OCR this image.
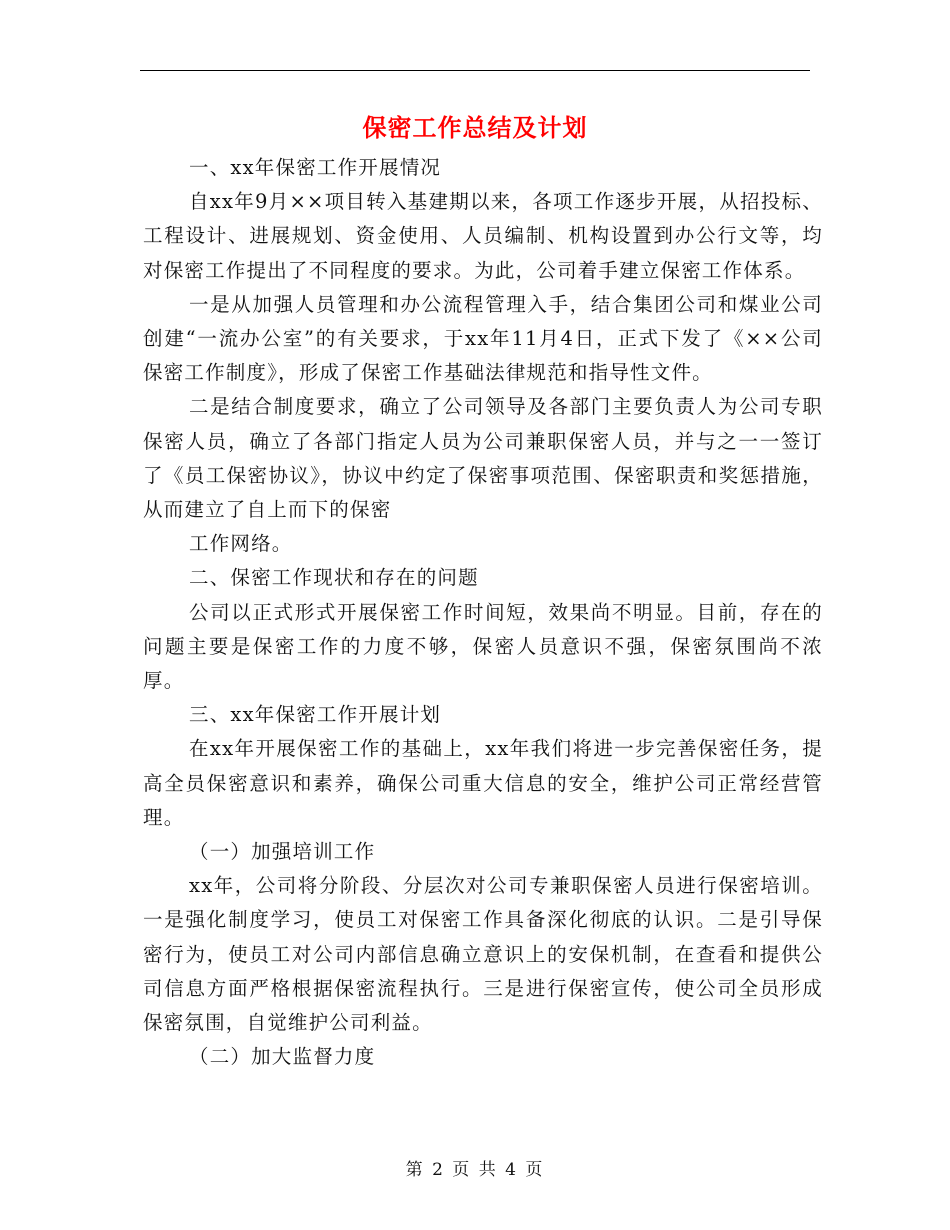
保密工作总结及计划

一、xx年保密工作开展情况

自xx年9月××项目转入基建期以来，各项工作逐步开展，从招投标、工程设计、进展规划、资金使用、人员编制、机构设置到办公行文等，均对保密工作提出了不同程度的要求。为此，公司着手建立保密工作体系。

一是从加强人员管理和办公流程管理入手，结合集团公司和煤业公司创建“一流办公室”的有关要求，于xx年11月4日，正式下发了《××公司保密工作制度》，形成了保密工作基础法律规范和指导性文件。

二是结合制度要求，确立了公司领导及各部门主要负责人为公司专职保密人员，确立了各部门指定人员为公司兼职保密人员，并与之一一签订了《员工保密协议》，协议中约定了保密事项范围、保密职责和奖惩措施，从而建立了自上而下的保密

工作网络。

二、保密工作现状和存在的问题

公司以正式形式开展保密工作时间短，效果尚不明显。目前，存在的问题主要是保密工作的力度不够，保密人员意识不强，保密氛围尚不浓厚。

三、xx年保密工作开展计划

在xx年开展保密工作的基础上，xx年我们将进一步完善保密任务，提高全员保密意识和素养，确保公司重大信息的安全，维护公司正常经营管理。

（一）加强培训工作

xx年，公司将分阶段、分层次对公司专兼职保密人员进行保密培训。一是强化制度学习，使员工对保密工作具备深化彻底的认识。二是引导保密行为，使员工对公司内部信息确立意识上的安保机制，在查看和提供公司信息方面严格根据保密流程执行。三是进行保密宣传，使公司全员形成保密氛围，自觉维护公司利益。

（二）加大监督力度

第 2 页 共 4 页
